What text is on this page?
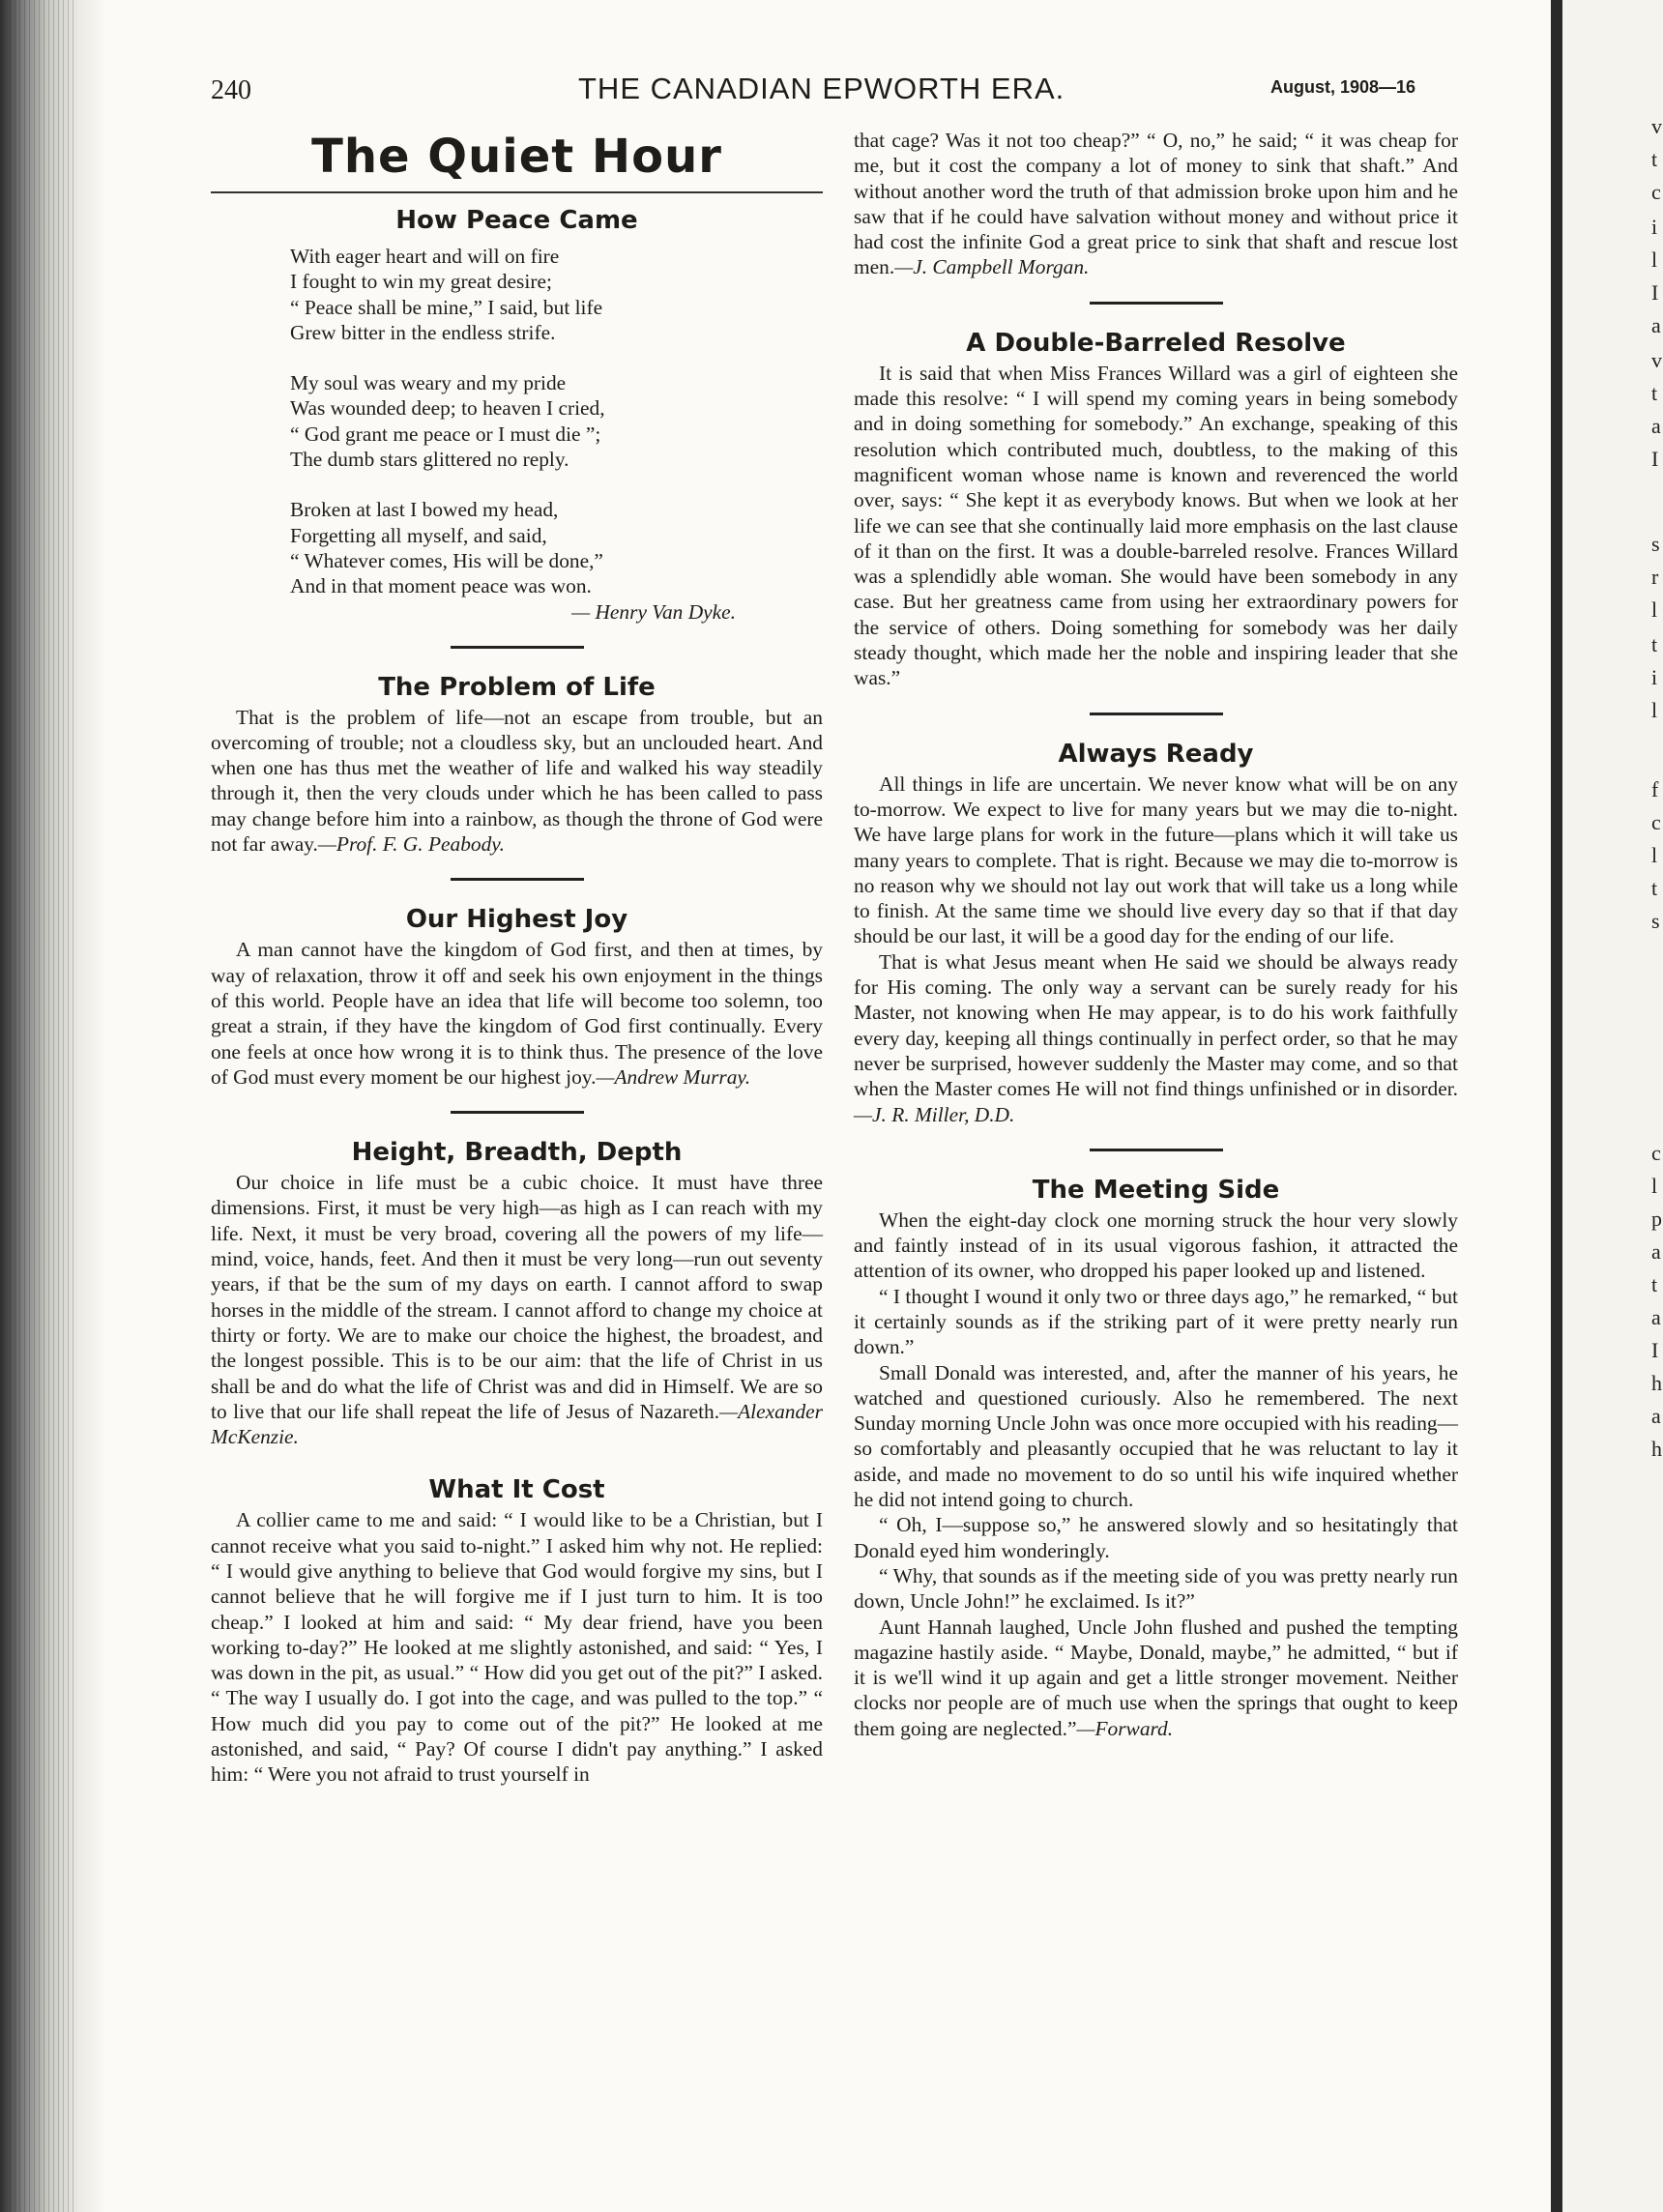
240	THE CANADIAN EPWORTH ERA.	August, 1908—16
The Quiet Hour
How Peace Came
With eager heart and will on fire
I fought to win my great desire;
“ Peace shall be mine,” I said, but life
Grew bitter in the endless strife.
My soul was weary and my pride
Was wounded deep; to heaven I cried,
“ God grant me peace or I must die ”;
The dumb stars glittered no reply.
Broken at last I bowed my head,
Forgetting all myself, and said,
“ Whatever comes, His will be done,”
And in that moment peace was won.
— Henry Van Dyke.
The Problem of Life

That is the problem of life—not an escape from trouble, but an overcoming of trouble; not a cloudless sky, but an unclouded heart. And when one has thus met the weather of life and walked his way steadily through it, then the very clouds under which he has been called to pass may change before him into a rainbow, as though the throne of God were not far away.—Prof. F. G. Peabody.

Our Highest Joy

A man cannot have the kingdom of God first, and then at times, by way of relaxation, throw it off and seek his own enjoyment in the things of this world. People have an idea that life will become too solemn, too great a strain, if they have the kingdom of God first continually. Every one feels at once how wrong it is to think thus. The presence of the love of God must every moment be our highest joy.—Andrew Murray.

Height, Breadth, Depth

Our choice in life must be a cubic choice. It must have three dimensions. First, it must be very high—as high as I can reach with my life. Next, it must be very broad, covering all the powers of my life—mind, voice, hands, feet. And then it must be very long—run out seventy years, if that be the sum of my days on earth. I cannot afford to swap horses in the middle of the stream. I cannot afford to change my choice at thirty or forty. We are to make our choice the highest, the broadest, and the longest possible. This is to be our aim: that the life of Christ in us shall be and do what the life of Christ was and did in Himself. We are so to live that our life shall repeat the life of Jesus of Nazareth.—Alexander McKenzie.

What It Cost

A collier came to me and said: “ I would like to be a Christian, but I cannot receive what you said to-night.” I asked him why not. He replied: “ I would give anything to believe that God would forgive my sins, but I cannot believe that he will forgive me if I just turn to him. It is too cheap.” I looked at him and said: “ My dear friend, have you been working to-day?” He looked at me slightly astonished, and said: “ Yes, I was down in the pit, as usual.” “ How did you get out of the pit?” I asked. “ The way I usually do. I got into the cage, and was pulled to the top.” “ How much did you pay to come out of the pit?” He looked at me astonished, and said, “ Pay? Of course I didn't pay anything.” I asked him: “ Were you not afraid to trust yourself in

that cage? Was it not too cheap?” “ O, no,” he said; “ it was cheap for me, but it cost the company a lot of money to sink that shaft.” And without another word the truth of that admission broke upon him and he saw that if he could have salvation without money and without price it had cost the infinite God a great price to sink that shaft and rescue lost men.—J. Campbell Morgan.

A Double-Barreled Resolve

It is said that when Miss Frances Willard was a girl of eighteen she made this resolve: “ I will spend my coming years in being somebody and in doing something for somebody.” An exchange, speaking of this resolution which contributed much, doubtless, to the making of this magnificent woman whose name is known and reverenced the world over, says: “ She kept it as everybody knows. But when we look at her life we can see that she continually laid more emphasis on the last clause of it than on the first. It was a double-barreled resolve. Frances Willard was a splendidly able woman. She would have been somebody in any case. But her greatness came from using her extraordinary powers for the service of others. Doing something for somebody was her daily steady thought, which made her the noble and inspiring leader that she was.”

Always Ready

All things in life are uncertain. We never know what will be on any to-morrow. We expect to live for many years but we may die to-night. We have large plans for work in the future—plans which it will take us many years to complete. That is right. Because we may die to-morrow is no reason why we should not lay out work that will take us a long while to finish. At the same time we should live every day so that if that day should be our last, it will be a good day for the ending of our life.

That is what Jesus meant when He said we should be always ready for His coming. The only way a servant can be surely ready for his Master, not knowing when He may appear, is to do his work faithfully every day, keeping all things continually in perfect order, so that he may never be surprised, however suddenly the Master may come, and so that when the Master comes He will not find things unfinished or in disorder.—J. R. Miller, D.D.

The Meeting Side

When the eight-day clock one morning struck the hour very slowly and faintly instead of in its usual vigorous fashion, it attracted the attention of its owner, who dropped his paper looked up and listened.

“ I thought I wound it only two or three days ago,” he remarked, “ but it certainly sounds as if the striking part of it were pretty nearly run down.”

Small Donald was interested, and, after the manner of his years, he watched and questioned curiously. Also he remembered. The next Sunday morning Uncle John was once more occupied with his reading—so comfortably and pleasantly occupied that he was reluctant to lay it aside, and made no movement to do so until his wife inquired whether he did not intend going to church.

“ Oh, I—suppose so,” he answered slowly and so hesitatingly that Donald eyed him wonderingly.

“ Why, that sounds as if the meeting side of you was pretty nearly run down, Uncle John!” he exclaimed. Is it?”

Aunt Hannah laughed, Uncle John flushed and pushed the tempting magazine hastily aside. “ Maybe, Donald, maybe,” he admitted, “ but if it is we'll wind it up again and get a little stronger movement. Neither clocks nor people are of much use when the springs that ought to keep them going are neglected.”—Forward.

v
t
c
i
l
I
a
v
t
a
I
s
r
l
t
i
l
f
c
l
t
s
c
l
p
a
t
a
I
h
a
h
